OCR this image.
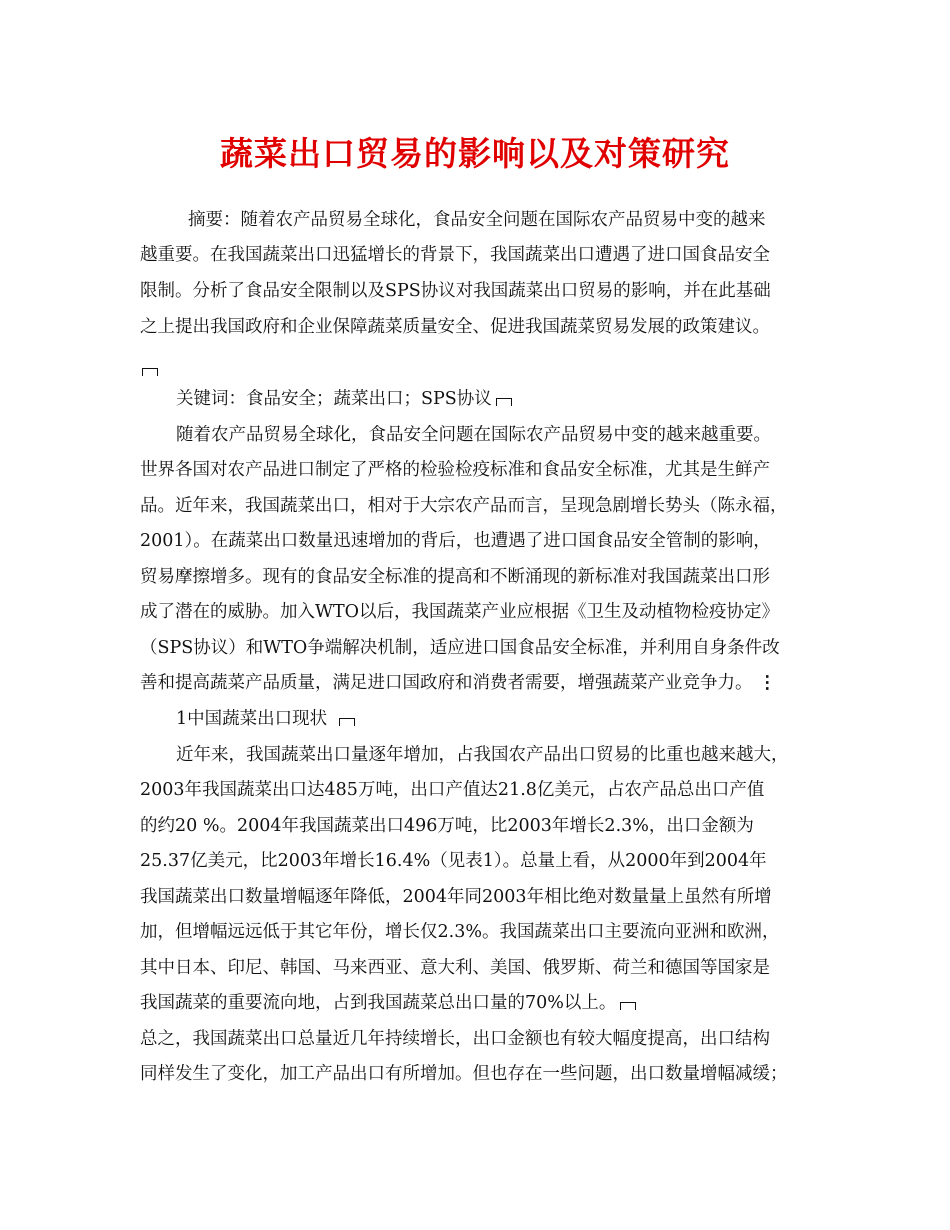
蔬菜出口贸易的影响以及对策研究
摘要：随着农产品贸易全球化，食品安全问题在国际农产品贸易中变的越来
越重要。在我国蔬菜出口迅猛增长的背景下，我国蔬菜出口遭遇了进口国食品安全
限制。分析了食品安全限制以及SPS协议对我国蔬菜出口贸易的影响，并在此基础
之上提出我国政府和企业保障蔬菜质量安全、促进我国蔬菜贸易发展的政策建议。
关键词：食品安全；蔬菜出口；SPS协议
随着农产品贸易全球化，食品安全问题在国际农产品贸易中变的越来越重要。
世界各国对农产品进口制定了严格的检验检疫标准和食品安全标准，尤其是生鲜产
品。近年来，我国蔬菜出口，相对于大宗农产品而言，呈现急剧增长势头（陈永福，
2001）。在蔬菜出口数量迅速增加的背后，也遭遇了进口国食品安全管制的影响，
贸易摩擦增多。现有的食品安全标准的提高和不断涌现的新标准对我国蔬菜出口形
成了潜在的威胁。加入WTO以后，我国蔬菜产业应根据《卫生及动植物检疫协定》
（SPS协议）和WTO争端解决机制，适应进口国食品安全标准，并利用自身条件改
善和提高蔬菜产品质量，满足进口国政府和消费者需要，增强蔬菜产业竞争力。 ⋮
1中国蔬菜出口现状
近年来，我国蔬菜出口量逐年增加，占我国农产品出口贸易的比重也越来越大，
2003年我国蔬菜出口达485万吨，出口产值达21.8亿美元，占农产品总出口产值
的约20 %。2004年我国蔬菜出口496万吨，比2003年增长2.3%，出口金额为
25.37亿美元，比2003年增长16.4%（见表1）。总量上看，从2000年到2004年
我国蔬菜出口数量增幅逐年降低，2004年同2003年相比绝对数量量上虽然有所增
加，但增幅远远低于其它年份，增长仅2.3%。我国蔬菜出口主要流向亚洲和欧洲，
其中日本、印尼、韩国、马来西亚、意大利、美国、俄罗斯、荷兰和德国等国家是
我国蔬菜的重要流向地，占到我国蔬菜总出口量的70%以上。
总之，我国蔬菜出口总量近几年持续增长，出口金额也有较大幅度提高，出口结构
同样发生了变化，加工产品出口有所增加。但也存在一些问题，出口数量增幅减缓；
